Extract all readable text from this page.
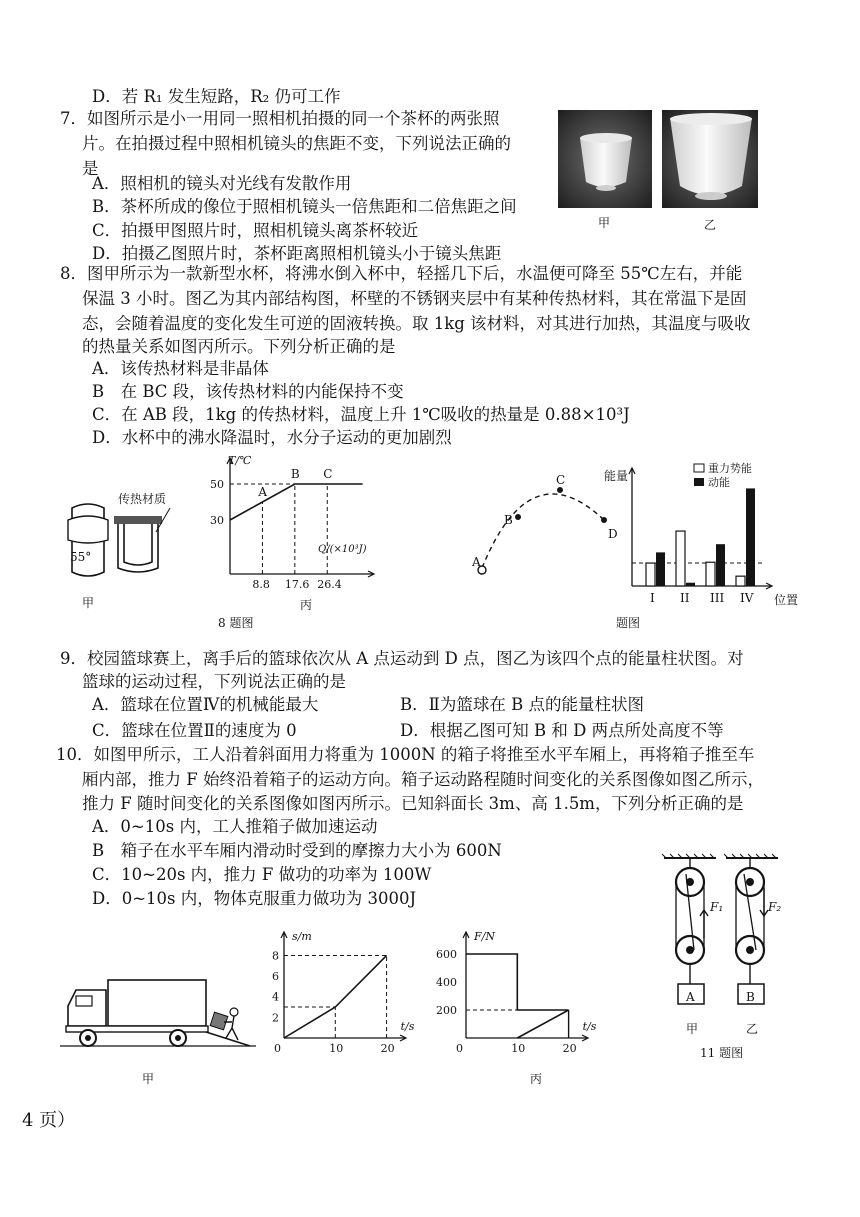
D．若 R₁ 发生短路，R₂ 仍可工作
7．如图所示是小一用同一照相机拍摄的同一个茶杯的两张照
片。在拍摄过程中照相机镜头的焦距不变，下列说法正确的
是
A．照相机的镜头对光线有发散作用
B．茶杯所成的像位于照相机镜头一倍焦距和二倍焦距之间
C．拍摄甲图照片时，照相机镜头离茶杯较近
D．拍摄乙图照片时，茶杯距离照相机镜头小于镜头焦距
甲	乙
8．图甲所示为一款新型水杯，将沸水倒入杯中，轻摇几下后，水温便可降至 55℃左右，并能
保温 3 小时。图乙为其内部结构图，杯壁的不锈钢夹层中有某种传热材料，其在常温下是固
态，会随着温度的变化发生可逆的固液转换。取 1kg 该材料，对其进行加热，其温度与吸收
的热量关系如图丙所示。下列分析正确的是
A．该传热材料是非晶体
B　在 BC 段，该传热材料的内能保持不变
C．在 AB 段，1kg 的传热材料，温度上升 1℃吸收的热量是 0.88×10³J
D．水杯中的沸水降温时，水分子运动的更加剧烈
55°
甲
传热材质
T/℃
Q/(×10³J)
30
50
8.8 17.6 26.4
A
B C
丙
8 题图
A
B
C
D
能量
位置
重力势能
动能
I II III IV
题图
9．校园篮球赛上，离手后的篮球依次从 A 点运动到 D 点，图乙为该四个点的能量柱状图。对
篮球的运动过程，下列说法正确的是
A．篮球在位置Ⅳ的机械能最大	B．Ⅱ为篮球在 B 点的能量柱状图
C．篮球在位置Ⅱ的速度为 0	D．根据乙图可知 B 和 D 两点所处高度不等
10．如图甲所示，工人沿着斜面用力将重为 1000N 的箱子将推至水平车厢上，再将箱子推至车
厢内部，推力 F 始终沿着箱子的运动方向。箱子运动路程随时间变化的关系图像如图乙所示，
推力 F 随时间变化的关系图像如图丙所示。已知斜面长 3m、高 1.5m，下列分析正确的是
A．0~10s 内，工人推箱子做加速运动
B　箱子在水平车厢内滑动时受到的摩擦力大小为 600N
C．10~20s 内，推力 F 做功的功率为 100W
D．0~10s 内，物体克服重力做功为 3000J
甲
s/m
t/s
2
4
6
8
0	10	20
F/N
t/s
200
400
600
0	10	20
丙
F₁	F₂
A	B
甲	乙
11 题图
4 页）
